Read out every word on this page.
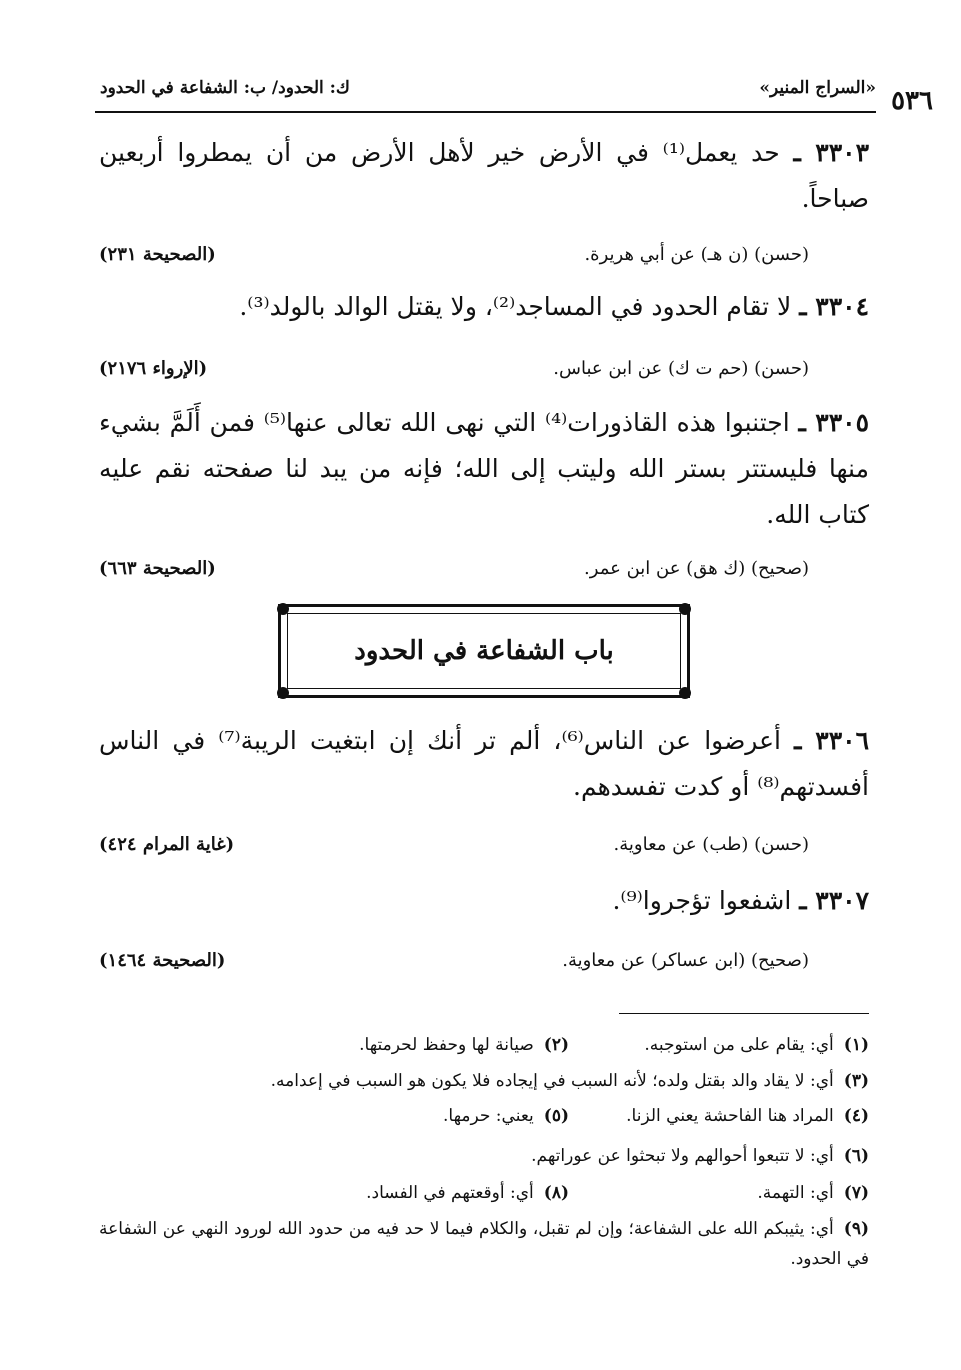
٥٣٦
«السراج المنير»
ك: الحدود/ ب: الشفاعة في الحدود
٣٣٠٣ ـ حد يعمل⁽¹⁾ في الأرض خير لأهل الأرض من أن يمطروا أربعين صباحاً.
(حسن) (ن هـ) عن أبي هريرة.
(الصحيحة ٢٣١)
٣٣٠٤ ـ لا تقام الحدود في المساجد⁽²⁾، ولا يقتل الوالد بالولد⁽³⁾.
(حسن) (حم ت ك) عن ابن عباس.
(الإرواء ٢١٧٦)
٣٣٠٥ ـ اجتنبوا هذه القاذورات⁽⁴⁾ التي نهى الله تعالى عنها⁽⁵⁾ فمن أَلَمَّ بشيء منها فليستتر بستر الله وليتب إلى الله؛ فإنه من يبد لنا صفحته نقم عليه كتاب الله.
(صحيح) (ك هق) عن ابن عمر.
(الصحيحة ٦٦٣)
باب الشفاعة في الحدود
٣٣٠٦ ـ أعرضوا عن الناس⁽⁶⁾، ألم تر أنك إن ابتغيت الريبة⁽⁷⁾ في الناس أفسدتهم⁽⁸⁾ أو كدت تفسدهم.
(حسن) (طب) عن معاوية.
(غاية المرام ٤٢٤)
٣٣٠٧ ـ اشفعوا تؤجروا⁽⁹⁾.
(صحيح) (ابن عساكر) عن معاوية.
(الصحيحة ١٤٦٤)
(١)أي: يقام على من استوجبه.
(٢)صيانة لها وحفظ لحرمتها.
(٣)أي: لا يقاد والد بقتل ولده؛ لأنه السبب في إيجاده فلا يكون هو السبب في إعدامه.
(٤)المراد هنا الفاحشة يعني الزنا.
(٥)يعني: حرمها.
(٦)أي: لا تتبعوا أحوالهم ولا تبحثوا عن عوراتهم.
(٧)أي: التهمة.
(٨)أي: أوقعتهم في الفساد.
(٩)أي: يثيبكم الله على الشفاعة؛ وإن لم تقبل، والكلام فيما لا حد فيه من حدود الله لورود النهي عن الشفاعة في الحدود.
